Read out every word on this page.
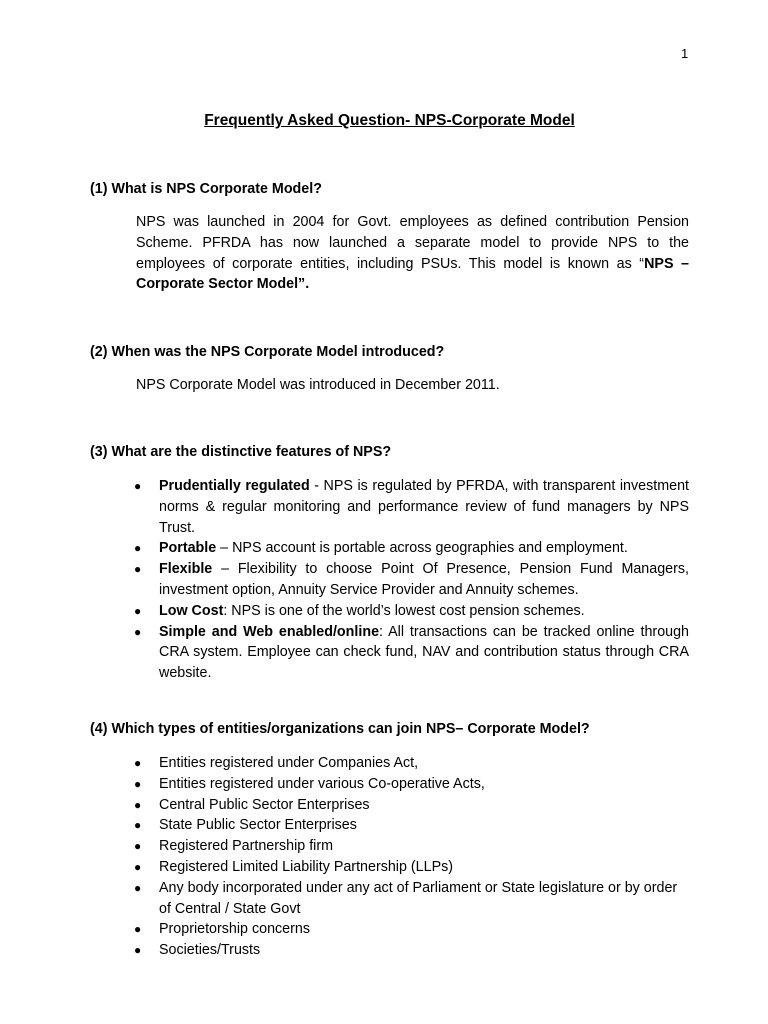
1
Frequently Asked Question- NPS-Corporate Model
(1) What is NPS Corporate Model?
NPS was launched in 2004 for Govt. employees as defined contribution Pension Scheme. PFRDA has now launched a separate model to provide NPS to the employees of corporate entities, including PSUs. This model is known as “NPS – Corporate Sector Model”.
(2) When was the NPS Corporate Model introduced?
NPS Corporate Model was introduced in December 2011.
(3) What are the distinctive features of NPS?
● Prudentially regulated - NPS is regulated by PFRDA, with transparent investment norms & regular monitoring and performance review of fund managers by NPS Trust.
● Portable – NPS account is portable across geographies and employment.
● Flexible – Flexibility to choose Point Of Presence, Pension Fund Managers, investment option, Annuity Service Provider and Annuity schemes.
● Low Cost: NPS is one of the world’s lowest cost pension schemes.
● Simple and Web enabled/online: All transactions can be tracked online through CRA system. Employee can check fund, NAV and contribution status through CRA website.
(4) Which types of entities/organizations can join NPS– Corporate Model?
● Entities registered under Companies Act,
● Entities registered under various Co-operative Acts,
● Central Public Sector Enterprises
● State Public Sector Enterprises
● Registered Partnership firm
● Registered Limited Liability Partnership (LLPs)
● Any body incorporated under any act of Parliament or State legislature or by order of Central / State Govt
● Proprietorship concerns
● Societies/Trusts
